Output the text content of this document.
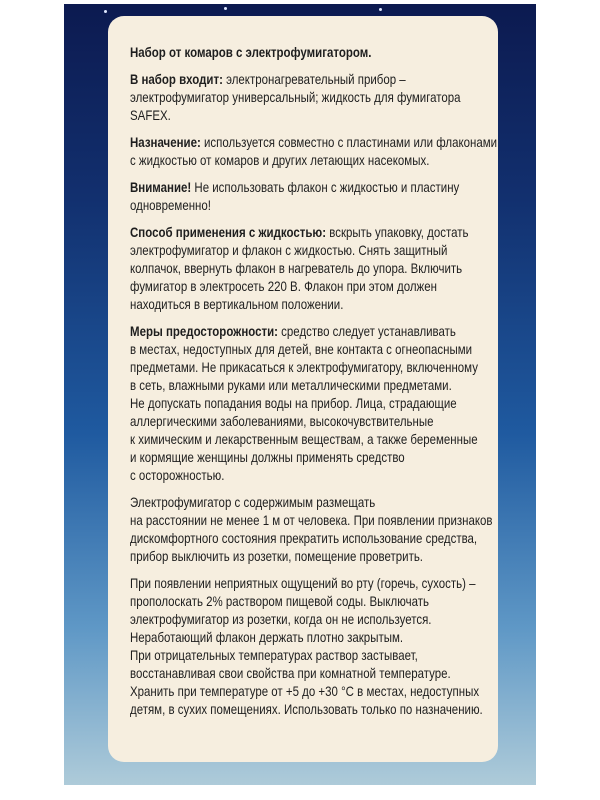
Набор от комаров с электрофумигатором.
В набор входит: электронагревательный прибор –
электрофумигатор универсальный; жидкость для фумигатора
SAFEX.
Назначение: используется совместно с пластинами или флаконами
с жидкостью от комаров и других летающих насекомых.
Внимание! Не использовать флакон с жидкостью и пластину
одновременно!
Способ применения с жидкостью: вскрыть упаковку, достать
электрофумигатор и флакон с жидкостью. Снять защитный
колпачок, ввернуть флакон в нагреватель до упора. Включить
фумигатор в электросеть 220 В. Флакон при этом должен
находиться в вертикальном положении.
Меры предосторожности: средство следует устанавливать
в местах, недоступных для детей, вне контакта с огнеопасными
предметами. Не прикасаться к электрофумигатору, включенному
в сеть, влажными руками или металлическими предметами.
Не допускать попадания воды на прибор. Лица, страдающие
аллергическими заболеваниями, высокочувствительные
к химическим и лекарственным веществам, а также беременные
и кормящие женщины должны применять средство
с осторожностью.
Электрофумигатор с содержимым размещать
на расстоянии не менее 1 м от человека. При появлении признаков
дискомфортного состояния прекратить использование средства,
прибор выключить из розетки, помещение проветрить.
При появлении неприятных ощущений во рту (горечь, сухость) –
прополоскать 2% раствором пищевой соды. Выключать
электрофумигатор из розетки, когда он не используется.
Неработающий флакон держать плотно закрытым.
При отрицательных температурах раствор застывает,
восстанавливая свои свойства при комнатной температуре.
Хранить при температуре от +5 до +30 °С в местах, недоступных
детям, в сухих помещениях. Использовать только по назначению.
